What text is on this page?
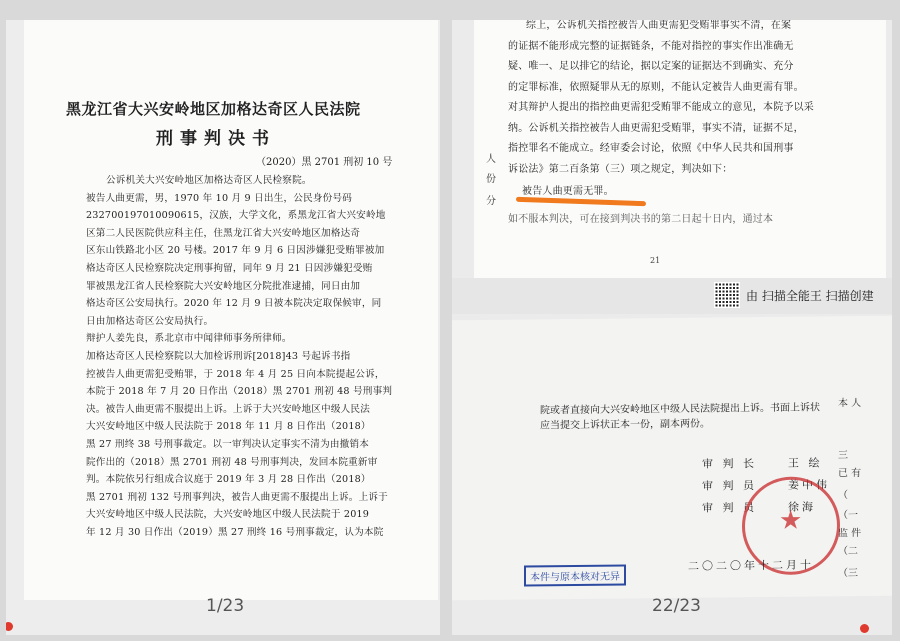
黑龙江省大兴安岭地区加格达奇区人民法院
刑事判决书
（2020）黑 2701 刑初 10 号
公诉机关大兴安岭地区加格达奇区人民检察院。
被告人曲更需，男，1970 年 10 月 9 日出生，公民身份号码
232700197010090615，汉族，大学文化，系黑龙江省大兴安岭地
区第二人民医院供应科主任，住黑龙江省大兴安岭地区加格达奇
区东山铁路北小区 20 号楼。2017 年 9 月 6 日因涉嫌犯受贿罪被加
格达奇区人民检察院决定刑事拘留，同年 9 月 21 日因涉嫌犯受贿
罪被黑龙江省人民检察院大兴安岭地区分院批准逮捕，同日由加
格达奇区公安局执行。2020 年 12 月 9 日被本院决定取保候审，同
日由加格达奇区公安局执行。
辩护人姜先良，系北京市中闻律师事务所律师。
加格达奇区人民检察院以大加检诉刑诉[2018]43 号起诉书指
控被告人曲更需犯受贿罪，于 2018 年 4 月 25 日向本院提起公诉，
本院于 2018 年 7 月 20 日作出（2018）黑 2701 刑初 48 号刑事判
决。被告人曲更需不服提出上诉。上诉于大兴安岭地区中级人民法
大兴安岭地区中级人民法院于 2018 年 11 月 8 日作出（2018）
黑 27 刑终 38 号刑事裁定。以一审判决认定事实不清为由撤销本
院作出的（2018）黑 2701 刑初 48 号刑事判决，发回本院重新审
判。本院依另行组成合议庭于 2019 年 3 月 28 日作出（2018）
黑 2701 刑初 132 号刑事判决，被告人曲更需不服提出上诉。上诉于
大兴安岭地区中级人民法院，大兴安岭地区中级人民法院于 2019
年 12 月 30 日作出（2019）黑 27 刑终 16 号刑事裁定，认为本院
1/23
综上，公诉机关指控被告人曲更需犯受贿罪事实不清，在案
的证据不能形成完整的证据链条，不能对指控的事实作出准确无
疑、唯一、足以排它的结论，据以定案的证据达不到确实、充分
的定罪标准，依照疑罪从无的原则，不能认定被告人曲更需有罪。
对其辩护人提出的指控曲更需犯受贿罪不能成立的意见，本院予以采
纳。公诉机关指控被告人曲更需犯受贿罪，事实不清，证据不足，
指控罪名不能成立。经审委会讨论，依照《中华人民共和国刑事
诉讼法》第二百条第（三）项之规定，判决如下：
被告人曲更需无罪。
如不服本判决，可在接到判决书的第二日起十日内，通过本
人
份
分
21
由 扫描全能王 扫描创建
院或者直接向大兴安岭地区中级人民法院提出上诉。书面上诉状
应当提交上诉状正本一份，副本两份。
审 判 长	王 绘
审 判 员	姜中伟
审 判 员	徐海
★
二〇二〇年十二月十
本件与原本核对无异
本 人
三
已 有
（
（一
监 件
（二
（三
22/23
